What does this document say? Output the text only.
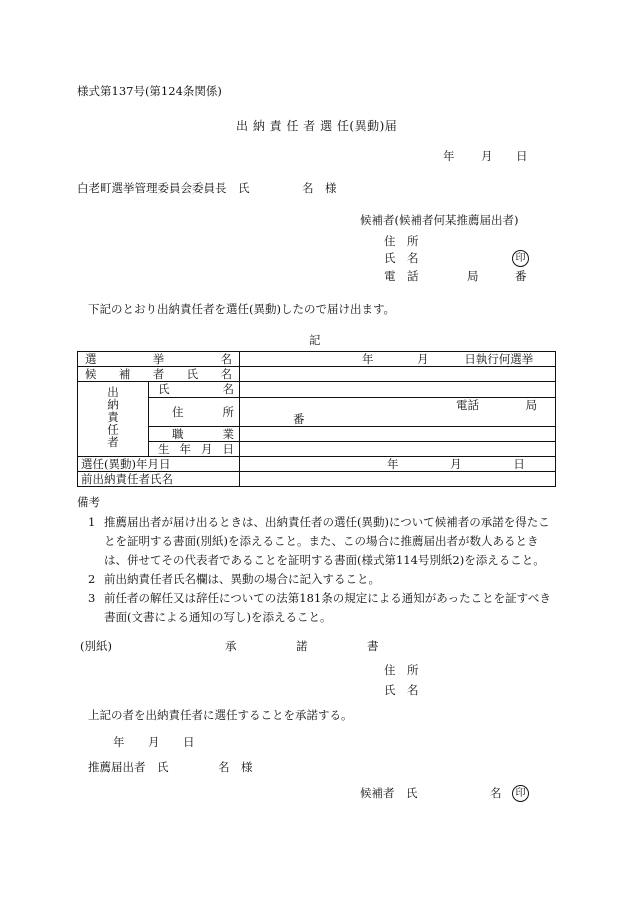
様式第137号(第124条関係)
出 納 責 任 者 選 任(異動)届
年 月 日
白老町選挙管理委員会委員長　氏	名　様
候補者(候補者何某推薦届出者)
住　所
氏　名	印
電　話	局	番
下記のとおり出納責任者を選任(異動)したので届け出ます。
記
選 挙 名		年 月 日執行何選挙

候 補 者 氏 名		

出納責任者	氏 名	

	住 所	電話 局 番

	職 業	

	生 年 月 日	

選任(異動)年月日		年 月 日
前出納責任者氏名		
備考
1 推薦届出者が届け出るときは、出納責任者の選任(異動)について候補者の承諾を得たことを証明する書面(別紙)を添えること。また、この場合に推薦届出者が数人あるときは、併せてその代表者であることを証明する書面(様式第114号別紙2)を添えること。
2 前出納責任者氏名欄は、異動の場合に記入すること。
3 前任者の解任又は辞任についての法第181条の規定による通知があったことを証すべき書面(文書による通知の写し)を添えること。
(別紙)	承	諾	書
住　所
氏　名
上記の者を出納責任者に選任することを承諾する。
年 月 日
推薦届出者　氏	名　様
候補者　氏	名	印
